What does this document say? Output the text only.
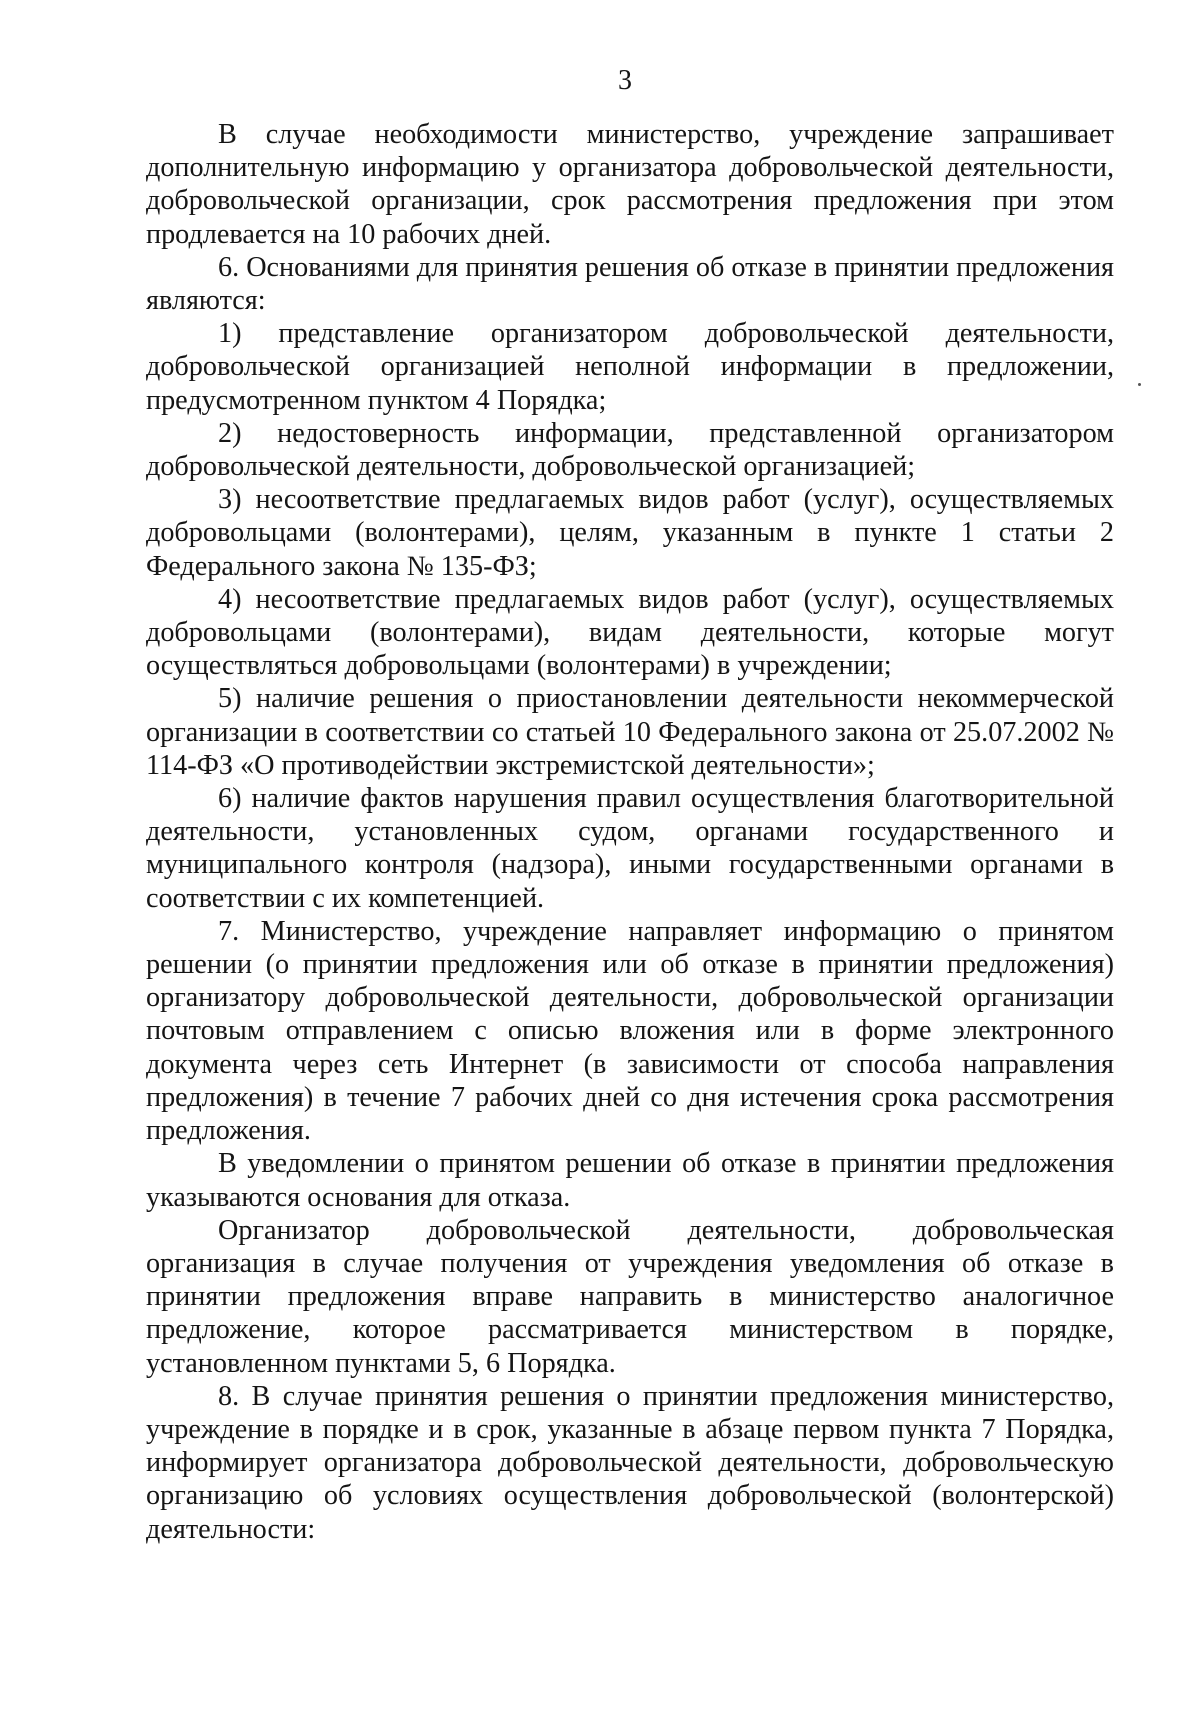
3

В случае необходимости министерство, учреждение запрашивает дополнительную информацию у организатора добровольческой деятельности, добровольческой организации, срок рассмотрения предложения при этом продлевается на 10 рабочих дней.

6. Основаниями для принятия решения об отказе в принятии предложения являются:

1) представление организатором добровольческой деятельности, добровольческой организацией неполной информации в предложении, предусмотренном пунктом 4 Порядка;

2) недостоверность информации, представленной организатором добровольческой деятельности, добровольческой организацией;

3) несоответствие предлагаемых видов работ (услуг), осуществляемых добровольцами (волонтерами), целям, указанным в пункте 1 статьи 2 Федерального закона № 135-ФЗ;

4) несоответствие предлагаемых видов работ (услуг), осуществляемых добровольцами (волонтерами), видам деятельности, которые могут осуществляться добровольцами (волонтерами) в учреждении;

5) наличие решения о приостановлении деятельности некоммерческой организации в соответствии со статьей 10 Федерального закона от 25.07.2002 № 114-ФЗ «О противодействии экстремистской деятельности»;

6) наличие фактов нарушения правил осуществления благотворительной деятельности, установленных судом, органами государственного и муниципального контроля (надзора), иными государственными органами в соответствии с их компетенцией.

7. Министерство, учреждение направляет информацию о принятом решении (о принятии предложения или об отказе в принятии предложения) организатору добровольческой деятельности, добровольческой организации почтовым отправлением с описью вложения или в форме электронного документа через сеть Интернет (в зависимости от способа направления предложения) в течение 7 рабочих дней со дня истечения срока рассмотрения предложения.

В уведомлении о принятом решении об отказе в принятии предложения указываются основания для отказа.

Организатор добровольческой деятельности, добровольческая организация в случае получения от учреждения уведомления об отказе в принятии предложения вправе направить в министерство аналогичное предложение, которое рассматривается министерством в порядке, установленном пунктами 5, 6 Порядка.

8. В случае принятия решения о принятии предложения министерство, учреждение в порядке и в срок, указанные в абзаце первом пункта 7 Порядка, информирует организатора добровольческой деятельности, добровольческую организацию об условиях осуществления добровольческой (волонтерской) деятельности:
